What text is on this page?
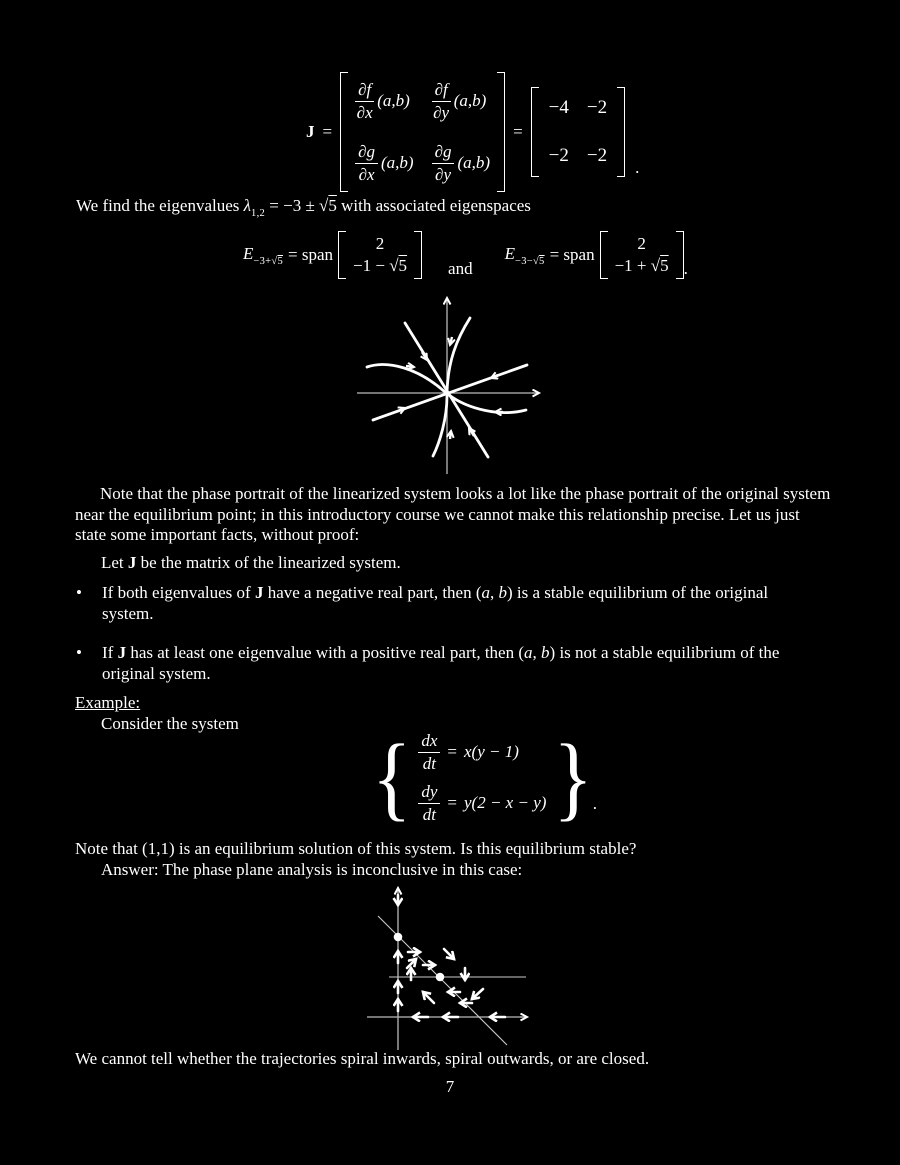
J =
$\frac{\partial f}{\partial x} (a,b) \frac{\partial f}{\partial y} (a,b)$
$\frac{\partial g}{\partial x} (a,b) \frac{\partial g}{\partial y} (a,b)$
=
−4 −2
−2 −2
.
We find the eigenvalues $\lambda_{1,2} = -3 \pm √5$ with associated eigenspaces
$E_{-3+√5}$ = span
2
−1 − √5 and
$E_{-3-√5}$ = span
2
−1 + √5 .
Note that the phase portrait of the linearized system looks a lot like the phase portrait of the original system near the equilibrium point; in this introductory course we cannot make this relationship precise. Let us just state some important facts, without proof:
Let J be the matrix of the linearized system.
•	If both eigenvalues of J have a negative real part, then (a, b) is a stable equilibrium of the original system.
•	If J has at least one eigenvalue with a positive real part, then (a, b) is not a stable equilibrium of the original system.
Example:
Consider the system
{ $\frac{dx}{dt} = x(y - 1)$
$\frac{dy}{dt} = y(2 - x - y)$ } .
Note that (1,1) is an equilibrium solution of this system. Is this equilibrium stable?
Answer: The phase plane analysis is inconclusive in this case:
We cannot tell whether the trajectories spiral inwards, spiral outwards, or are closed.
7
